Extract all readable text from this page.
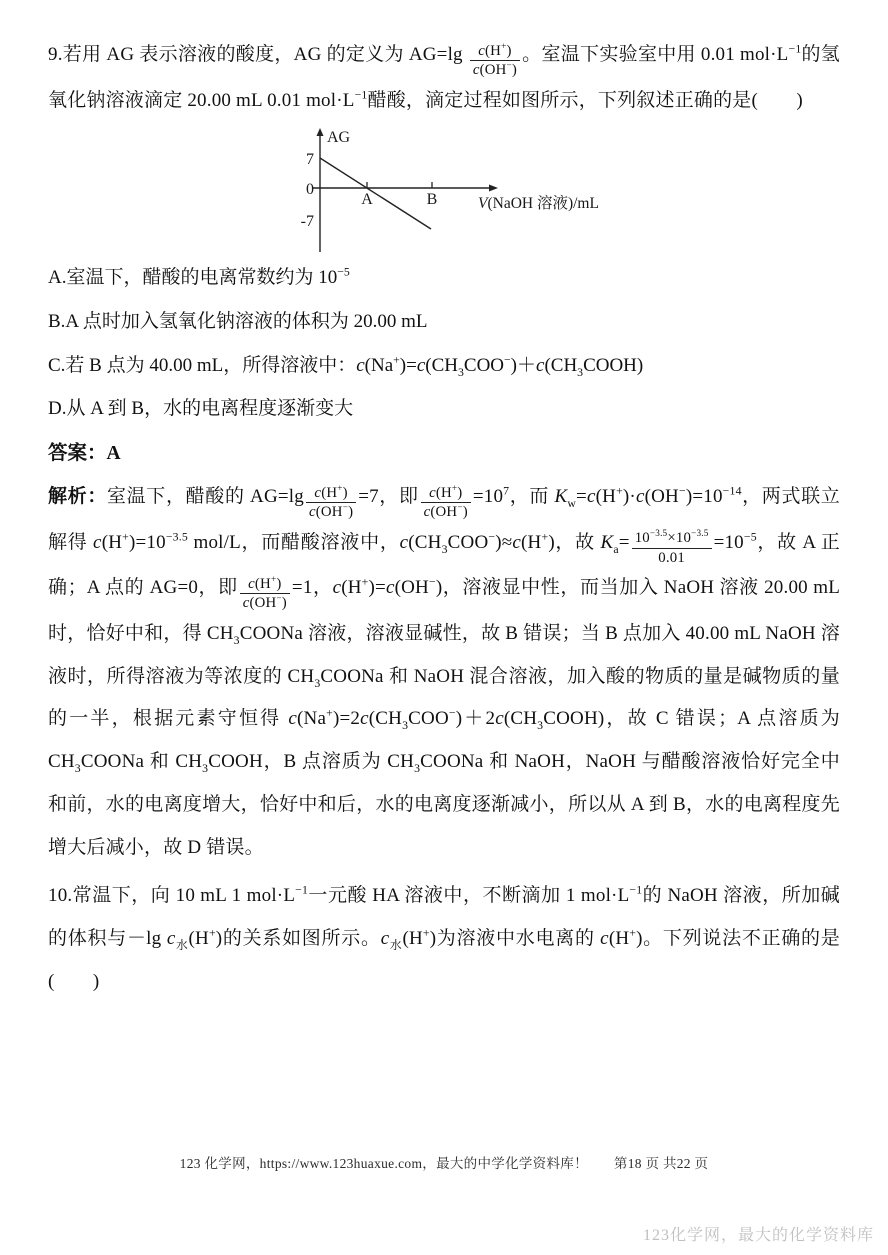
9.若用 AG 表示溶液的酸度，AG 的定义为 $AG=\lg \frac{c(H^+)}{c(OH^-)}$ 。室温下实验室中用 0.01 $mol\cdot L^{-1}$的氢氧化钠溶液滴定 20.00 mL 0.01 $mol\cdot L^{-1}$醋酸，滴定过程如图所示，下列叙述正确的是(　　)

AG
7
0
-7
A	B	V(NaOH 溶液)/mL

A.室温下，醋酸的电离常数约为 $10^{-5}$

B.A 点时加入氢氧化钠溶液的体积为 20.00 mL

C.若 B 点为 40.00 mL，所得溶液中：$c(Na^+)=c(CH_3COO^-)+c(CH_3COOH)$

D.从 A 到 B，水的电离程度逐渐变大

答案：A

解析：室温下，醋酸的 $AG=\lg \frac{c(H^+)}{c(OH^-)} =7$，即 $\frac{c(H^+)}{c(OH^-)} =10^7$，而 $K_w=c(H^+)\cdot c(OH^-)=10^{-14}$，两式联立解得 $c(H^+)=10^{-3.5}$ mol/L，而醋酸溶液中，$c(CH_3COO^-)\approx c(H^+)$，故 $K_a= \frac{10^{-3.5}\times 10^{-3.5}}{0.01} =10^{-5}$，故 A 正确；A 点的 AG=0，即 $\frac{c(H^+)}{c(OH^-)} =1$，c(H+)=c(OH−)，溶液显中性，而当加入 NaOH 溶液 20.00 mL 时，恰好中和，得 $CH_3COONa$ 溶液，溶液显碱性，故 B 错误；当 B 点加入 40.00 mL NaOH 溶液时，所得溶液为等浓度的 $CH_3COONa$ 和 NaOH 混合溶液，加入酸的物质的量是碱物质的量的一半，根据元素守恒得 $c(Na^+)=2c(CH_3COO^-)+2c(CH_3COOH)$，故 C 错误；A 点溶质为 $CH_3COONa$ 和 $CH_3COOH$，B 点溶质为 $CH_3COONa$ 和 NaOH，NaOH 与醋酸溶液恰好完全中和前，水的电离度增大，恰好中和后，水的电离度逐渐减小，所以从 A 到 B，水的电离程度先增大后减小，故 D 错误。

10.常温下，向 10 mL 1 $mol\cdot L^{-1}$一元酸 HA 溶液中，不断滴加 1 $mol\cdot L^{-1}$的 NaOH 溶液，所加碱的体积与－lg $c_水(H^+)$的关系如图所示。$c_水(H^+)$为溶液中水电离的 c(H+)。下列说法不正确的是(　　)

123 化学网，https://www.123huaxue.com，最大的中学化学资料库！ 第18 页 共22 页
123化学网，最大的化学资料库
